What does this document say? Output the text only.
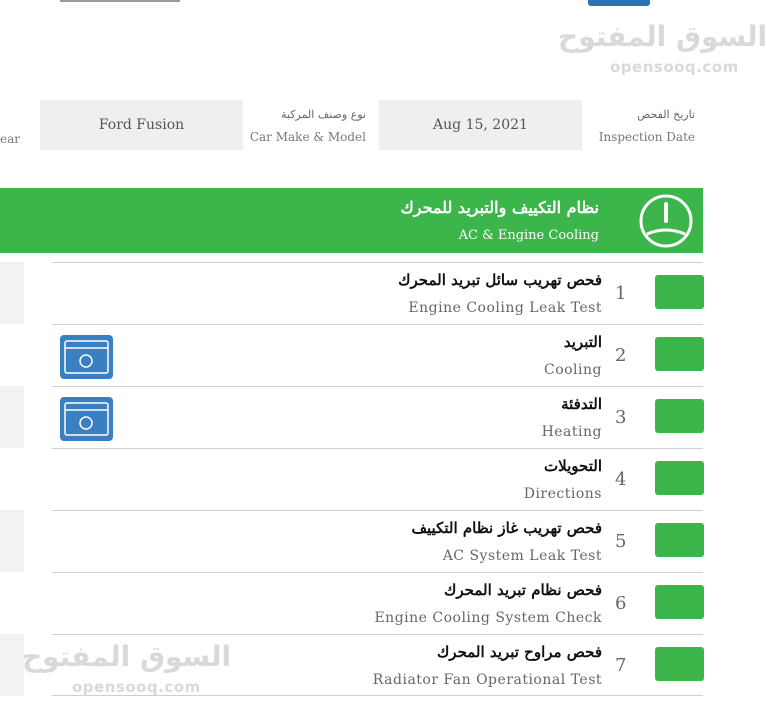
السوق المفتوح
opensooq.com
ear
Ford Fusion
نوع وصنف المركبة
Car Make & Model
Aug 15, 2021
تاريخ الفحص
Inspection Date
نظام التكييف والتبريد للمحرك
AC & Engine Cooling
فحص تهريب سائل تبريد المحرك
Engine Cooling Leak Test
1
التبريد
Cooling
2
التدفئة
Heating
3
التحويلات
Directions
4
فحص تهريب غاز نظام التكييف
AC System Leak Test
5
فحص نظام تبريد المحرك
Engine Cooling System Check
6
فحص مراوح تبريد المحرك
Radiator Fan Operational Test
7
السوق المفتوح
opensooq.com
